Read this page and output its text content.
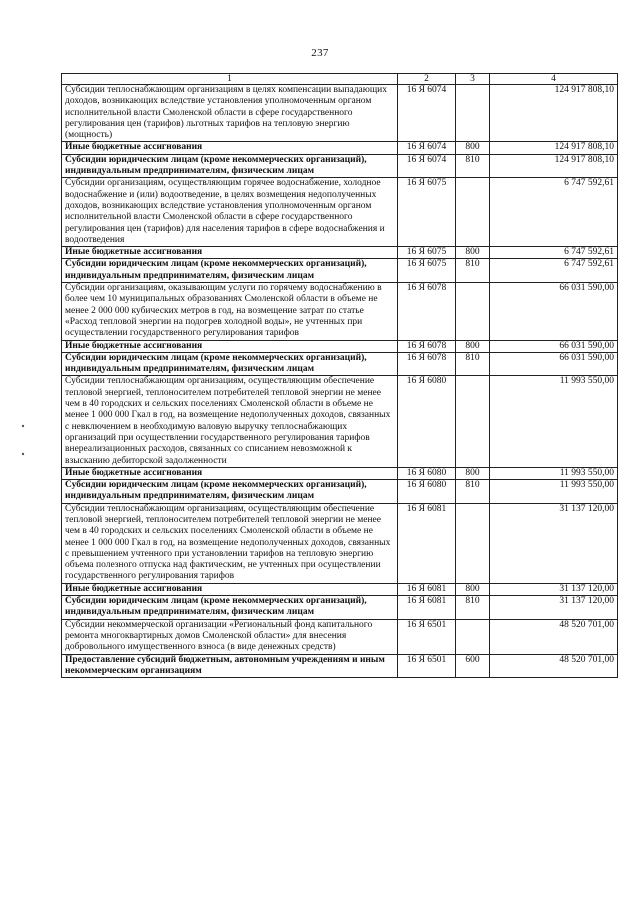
237
1	2	3	4
Субсидии теплоснабжающим организациям в целях компенсации выпадающих доходов, возникающих вследствие установления уполномоченным органом исполнительной власти Смоленской области в сфере государственного регулирования цен (тарифов) льготных тарифов на тепловую энергию (мощность)	16 Я 6074		124 917 808,10
Иные бюджетные ассигнования	16 Я 6074	800	124 917 808,10
Субсидии юридическим лицам (кроме некоммерческих организаций), индивидуальным предпринимателям, физическим лицам	16 Я 6074	810	124 917 808,10
Субсидии организациям, осуществляющим горячее водоснабжение, холодное водоснабжение и (или) водоотведение, в целях возмещения недополученных доходов, возникающих вследствие установления уполномоченным органом исполнительной власти Смоленской области в сфере государственного регулирования цен (тарифов) для населения тарифов в сфере водоснабжения и водоотведения	16 Я 6075		6 747 592,61
Иные бюджетные ассигнования	16 Я 6075	800	6 747 592,61
Субсидии юридическим лицам (кроме некоммерческих организаций), индивидуальным предпринимателям, физическим лицам	16 Я 6075	810	6 747 592,61
Субсидии организациям, оказывающим услуги по горячему водоснабжению в более чем 10 муниципальных образованиях Смоленской области в объеме не менее 2 000 000 кубических метров в год, на возмещение затрат по статье «Расход тепловой энергии на подогрев холодной воды», не учтенных при осуществлении государственного регулирования тарифов	16 Я 6078		66 031 590,00
Иные бюджетные ассигнования	16 Я 6078	800	66 031 590,00
Субсидии юридическим лицам (кроме некоммерческих организаций), индивидуальным предпринимателям, физическим лицам	16 Я 6078	810	66 031 590,00
Субсидии теплоснабжающим организациям, осуществляющим обеспечение тепловой энергией, теплоносителем потребителей тепловой энергии не менее чем в 40 городских и сельских поселениях Смоленской области в объеме не менее 1 000 000 Гкал в год, на возмещение недополученных доходов, связанных с невключением в необходимую валовую выручку теплоснабжающих организаций при осуществлении государственного регулирования тарифов внереализационных расходов, связанных со списанием невозможной к взысканию дебиторской задолженности	16 Я 6080		11 993 550,00
Иные бюджетные ассигнования	16 Я 6080	800	11 993 550,00
Субсидии юридическим лицам (кроме некоммерческих организаций), индивидуальным предпринимателям, физическим лицам	16 Я 6080	810	11 993 550,00
Субсидии теплоснабжающим организациям, осуществляющим обеспечение тепловой энергией, теплоносителем потребителей тепловой энергии не менее чем в 40 городских и сельских поселениях Смоленской области в объеме не менее 1 000 000 Гкал в год, на возмещение недополученных доходов, связанных с превышением учтенного при установлении тарифов на тепловую энергию объема полезного отпуска над фактическим, не учтенных при осуществлении государственного регулирования тарифов	16 Я 6081		31 137 120,00
Иные бюджетные ассигнования	16 Я 6081	800	31 137 120,00
Субсидии юридическим лицам (кроме некоммерческих организаций), индивидуальным предпринимателям, физическим лицам	16 Я 6081	810	31 137 120,00
Субсидии некоммерческой организации «Региональный фонд капитального ремонта многоквартирных домов Смоленской области» для внесения добровольного имущественного взноса (в виде денежных средств)	16 Я 6501		48 520 701,00
Предоставление субсидий бюджетным, автономным учреждениям и иным некоммерческим организациям	16 Я 6501	600	48 520 701,00
